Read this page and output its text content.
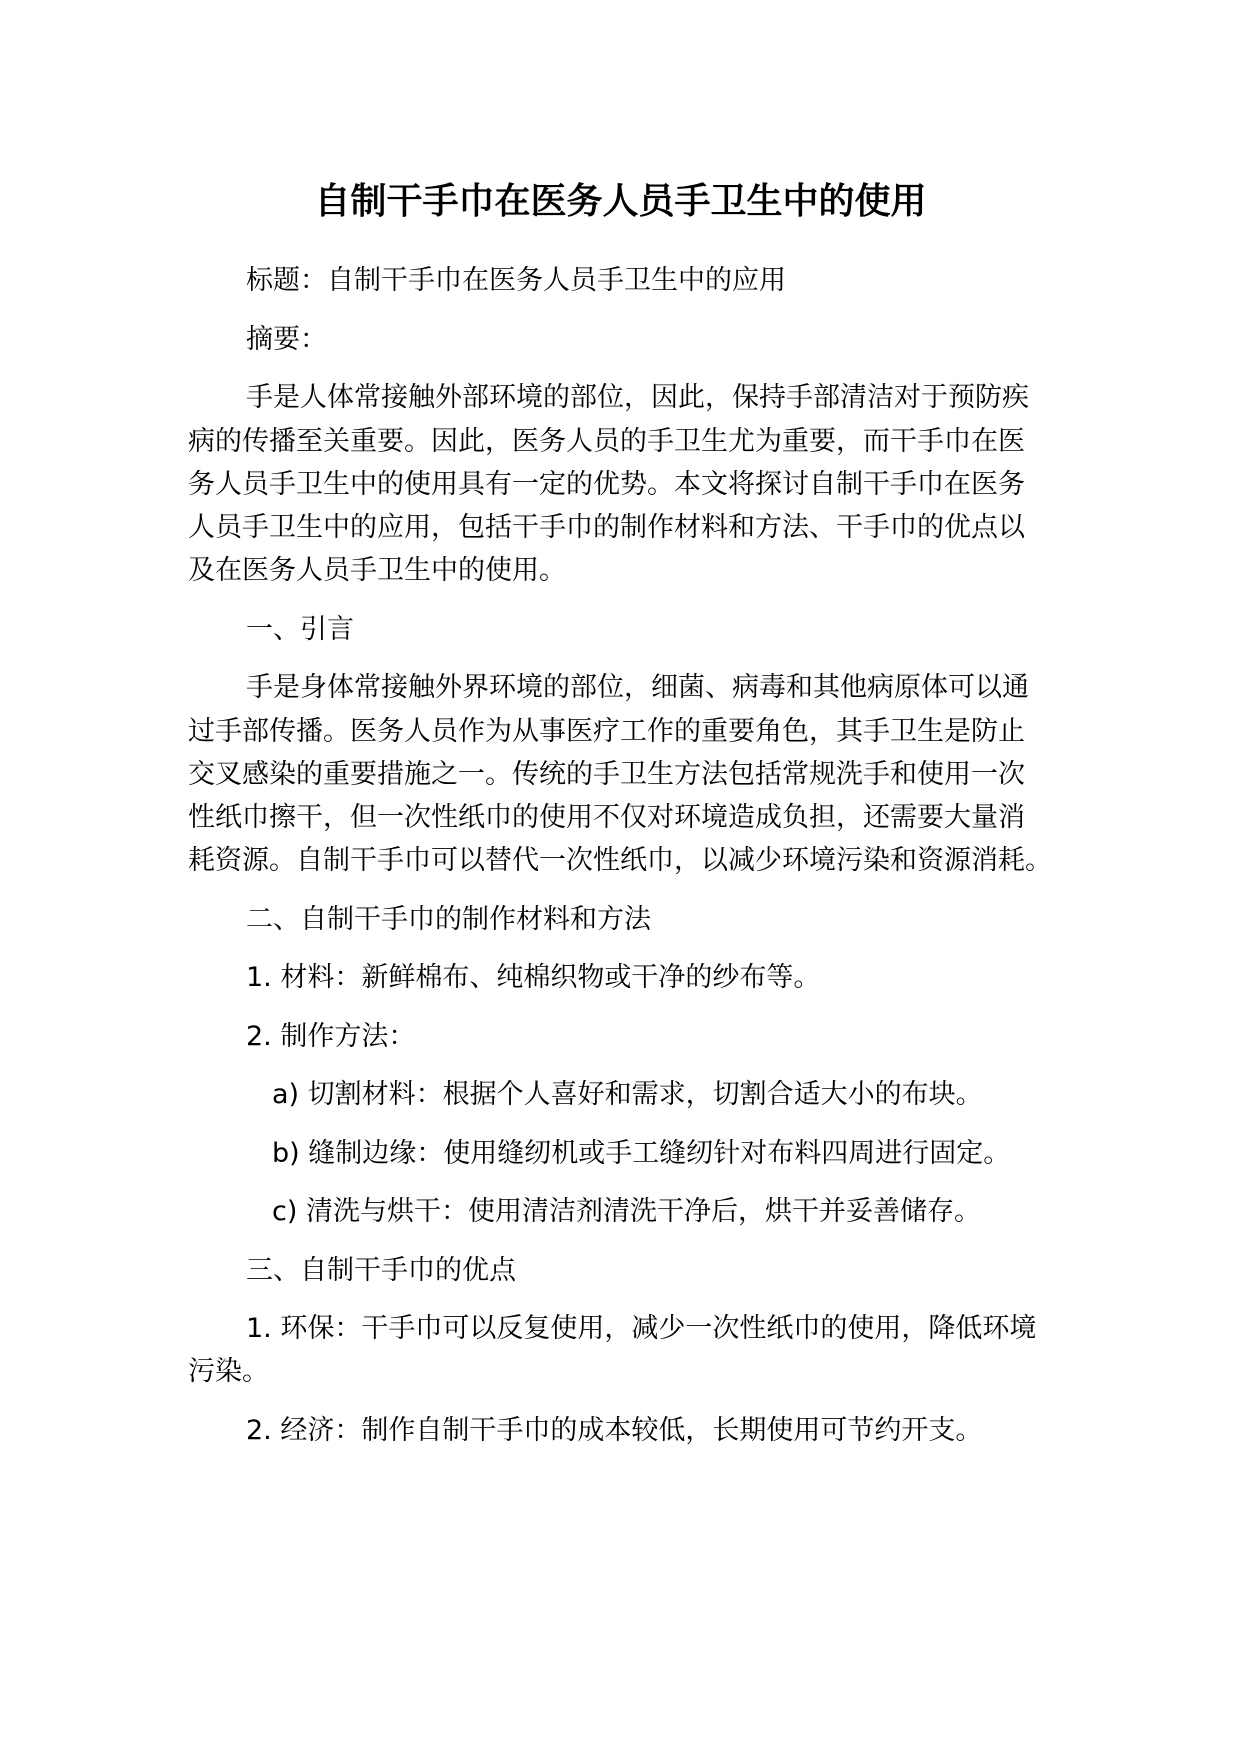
自制干手巾在医务人员手卫生中的使用

标题：自制干手巾在医务人员手卫生中的应用

摘要：

手是人体常接触外部环境的部位，因此，保持手部清洁对于预防疾

病的传播至关重要。因此，医务人员的手卫生尤为重要，而干手巾在医

务人员手卫生中的使用具有一定的优势。本文将探讨自制干手巾在医务

人员手卫生中的应用，包括干手巾的制作材料和方法、干手巾的优点以

及在医务人员手卫生中的使用。

一、引言

手是身体常接触外界环境的部位，细菌、病毒和其他病原体可以通

过手部传播。医务人员作为从事医疗工作的重要角色，其手卫生是防止

交叉感染的重要措施之一。传统的手卫生方法包括常规洗手和使用一次

性纸巾擦干，但一次性纸巾的使用不仅对环境造成负担，还需要大量消

耗资源。自制干手巾可以替代一次性纸巾，以减少环境污染和资源消耗。

二、自制干手巾的制作材料和方法

1. 材料：新鲜棉布、纯棉织物或干净的纱布等。

2. 制作方法：

a) 切割材料：根据个人喜好和需求，切割合适大小的布块。

b) 缝制边缘：使用缝纫机或手工缝纫针对布料四周进行固定。

c) 清洗与烘干：使用清洁剂清洗干净后，烘干并妥善储存。

三、自制干手巾的优点

1. 环保：干手巾可以反复使用，减少一次性纸巾的使用，降低环境

污染。

2. 经济：制作自制干手巾的成本较低，长期使用可节约开支。
